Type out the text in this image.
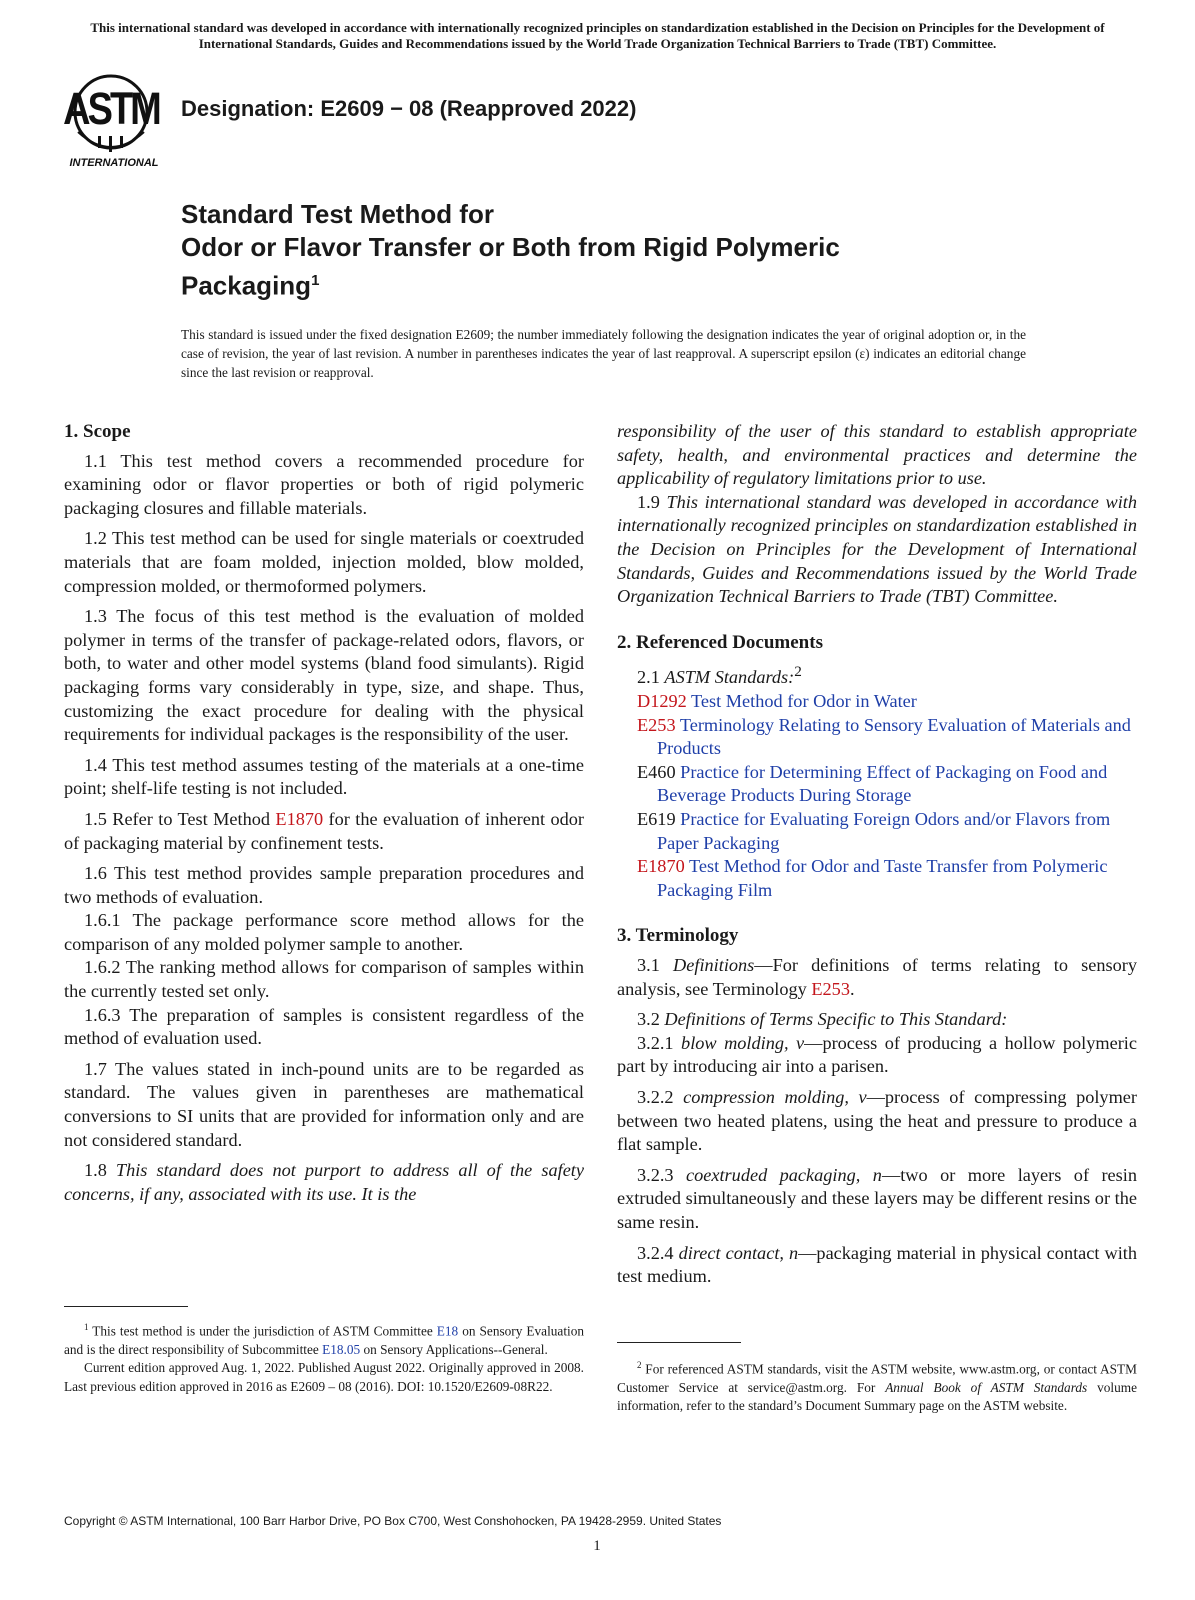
This international standard was developed in accordance with internationally recognized principles on standardization established in the Decision on Principles for the Development of International Standards, Guides and Recommendations issued by the World Trade Organization Technical Barriers to Trade (TBT) Committee.
ASTM
INTERNATIONAL
Designation: E2609 − 08 (Reapproved 2022)
Standard Test Method for
Odor or Flavor Transfer or Both from Rigid Polymeric
Packaging$^1$
This standard is issued under the fixed designation E2609; the number immediately following the designation indicates the year of original adoption or, in the case of revision, the year of last revision. A number in parentheses indicates the year of last reapproval. A superscript epsilon (ε) indicates an editorial change since the last revision or reapproval.
1. Scope

1.1 This test method covers a recommended procedure for examining odor or flavor properties or both of rigid polymeric packaging closures and fillable materials.

1.2 This test method can be used for single materials or coextruded materials that are foam molded, injection molded, blow molded, compression molded, or thermoformed polymers.

1.3 The focus of this test method is the evaluation of molded polymer in terms of the transfer of package-related odors, flavors, or both, to water and other model systems (bland food simulants). Rigid packaging forms vary considerably in type, size, and shape. Thus, customizing the exact procedure for dealing with the physical requirements for individual packages is the responsibility of the user.

1.4 This test method assumes testing of the materials at a one-time point; shelf-life testing is not included.

1.5 Refer to Test Method E1870 for the evaluation of inherent odor of packaging material by confinement tests.

1.6 This test method provides sample preparation procedures and two methods of evaluation.

1.6.1 The package performance score method allows for the comparison of any molded polymer sample to another.

1.6.2 The ranking method allows for comparison of samples within the currently tested set only.

1.6.3 The preparation of samples is consistent regardless of the method of evaluation used.

1.7 The values stated in inch-pound units are to be regarded as standard. The values given in parentheses are mathematical conversions to SI units that are provided for information only and are not considered standard.

1.8 This standard does not purport to address all of the safety concerns, if any, associated with its use. It is the

responsibility of the user of this standard to establish appropriate safety, health, and environmental practices and determine the applicability of regulatory limitations prior to use.

1.9 This international standard was developed in accordance with internationally recognized principles on standardization established in the Decision on Principles for the Development of International Standards, Guides and Recommendations issued by the World Trade Organization Technical Barriers to Trade (TBT) Committee.

2. Referenced Documents

2.1 ASTM Standards:$^2$

D1292 Test Method for Odor in Water

E253 Terminology Relating to Sensory Evaluation of Materials and Products

E460 Practice for Determining Effect of Packaging on Food and Beverage Products During Storage

E619 Practice for Evaluating Foreign Odors and/or Flavors from Paper Packaging

E1870 Test Method for Odor and Taste Transfer from Polymeric Packaging Film

3. Terminology

3.1 Definitions—For definitions of terms relating to sensory analysis, see Terminology E253.

3.2 Definitions of Terms Specific to This Standard:

3.2.1 blow molding, v—process of producing a hollow polymeric part by introducing air into a parisen.

3.2.2 compression molding, v—process of compressing polymer between two heated platens, using the heat and pressure to produce a flat sample.

3.2.3 coextruded packaging, n—two or more layers of resin extruded simultaneously and these layers may be different resins or the same resin.

3.2.4 direct contact, n—packaging material in physical contact with test medium.

$^1$ This test method is under the jurisdiction of ASTM Committee E18 on Sensory Evaluation and is the direct responsibility of Subcommittee E18.05 on Sensory Applications--General.

Current edition approved Aug. 1, 2022. Published August 2022. Originally approved in 2008. Last previous edition approved in 2016 as E2609 – 08 (2016). DOI: 10.1520/E2609-08R22.

$^2$ For referenced ASTM standards, visit the ASTM website, www.astm.org, or contact ASTM Customer Service at service@astm.org. For Annual Book of ASTM Standards volume information, refer to the standard’s Document Summary page on the ASTM website.

Copyright © ASTM International, 100 Barr Harbor Drive, PO Box C700, West Conshohocken, PA 19428-2959. United States
1
